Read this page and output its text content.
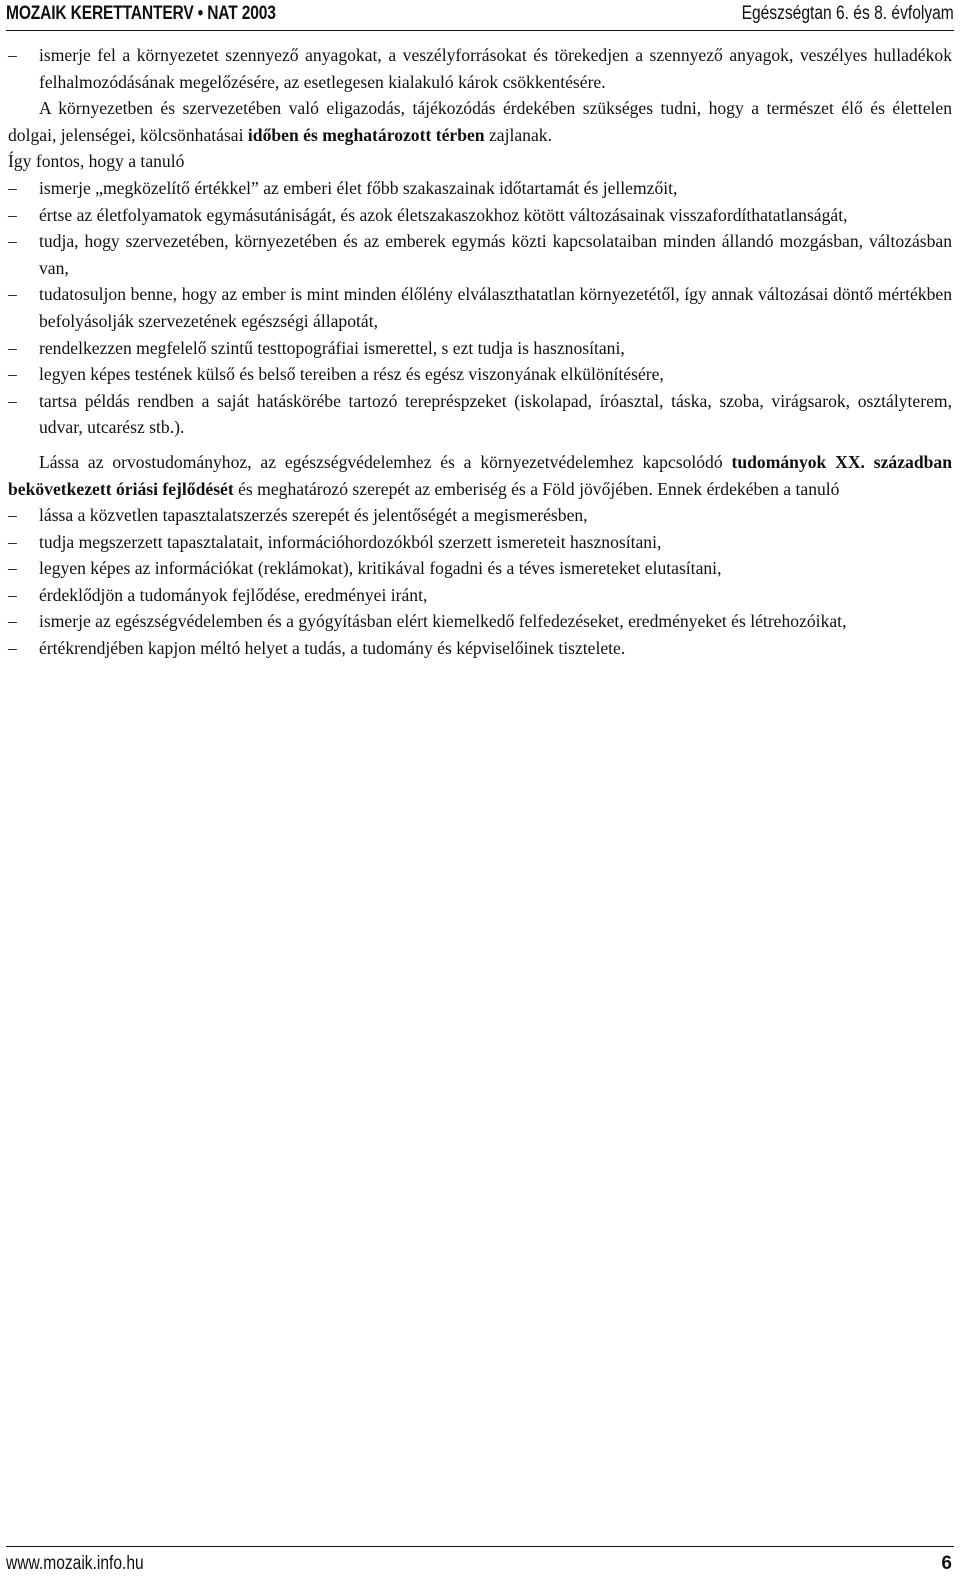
MOZAIK KERETTANTERV • NAT 2003	Egészségtan 6. és 8. évfolyam
– ismerje fel a környezetet szennyező anyagokat, a veszélyforrásokat és törekedjen a szennyező anyagok, veszélyes hulladékok felhalmozódásának megelőzésére, az esetlegesen kialakuló károk csökkentésére.
A környezetben és szervezetében való eligazodás, tájékozódás érdekében szükséges tudni, hogy a természet élő és élettelen dolgai, jelenségei, kölcsönhatásai időben és meghatározott térben zajlanak.
Így fontos, hogy a tanuló
– ismerje „megközelítő értékkel” az emberi élet főbb szakaszainak időtartamát és jellemzőit,
– értse az életfolyamatok egymásutániságát, és azok életszakaszokhoz kötött változásainak visszafordíthatatlanságát,
– tudja, hogy szervezetében, környezetében és az emberek egymás közti kapcsolataiban minden állandó mozgásban, változásban van,
– tudatosuljon benne, hogy az ember is mint minden élőlény elválaszthatatlan környezetétől, így annak változásai döntő mértékben befolyásolják szervezetének egészségi állapotát,
– rendelkezzen megfelelő szintű testtopográfiai ismerettel, s ezt tudja is hasznosítani,
– legyen képes testének külső és belső tereiben a rész és egész viszonyának elkülönítésére,
– tartsa példás rendben a saját hatáskörébe tartozó terepréspzeket (iskolapad, íróasztal, táska, szoba, virágsarok, osztályterem, udvar, utcarész stb.).
Lássa az orvostudományhoz, az egészségvédelemhez és a környezetvédelemhez kapcsolódó tudományok XX. században bekövetkezett óriási fejlődését és meghatározó szerepét az emberiség és a Föld jövőjében. Ennek érdekében a tanuló
– lássa a közvetlen tapasztalatszerzés szerepét és jelentőségét a megismerésben,
– tudja megszerzett tapasztalatait, információhordozókból szerzett ismereteit hasznosítani,
– legyen képes az információkat (reklámokat), kritikával fogadni és a téves ismereteket elutasítani,
– érdeklődjön a tudományok fejlődése, eredményei iránt,
– ismerje az egészségvédelemben és a gyógyításban elért kiemelkedő felfedezéseket, eredményeket és létrehozóikat,
– értékrendjében kapjon méltó helyet a tudás, a tudomány és képviselőinek tisztelete.
www.mozaik.info.hu	6
